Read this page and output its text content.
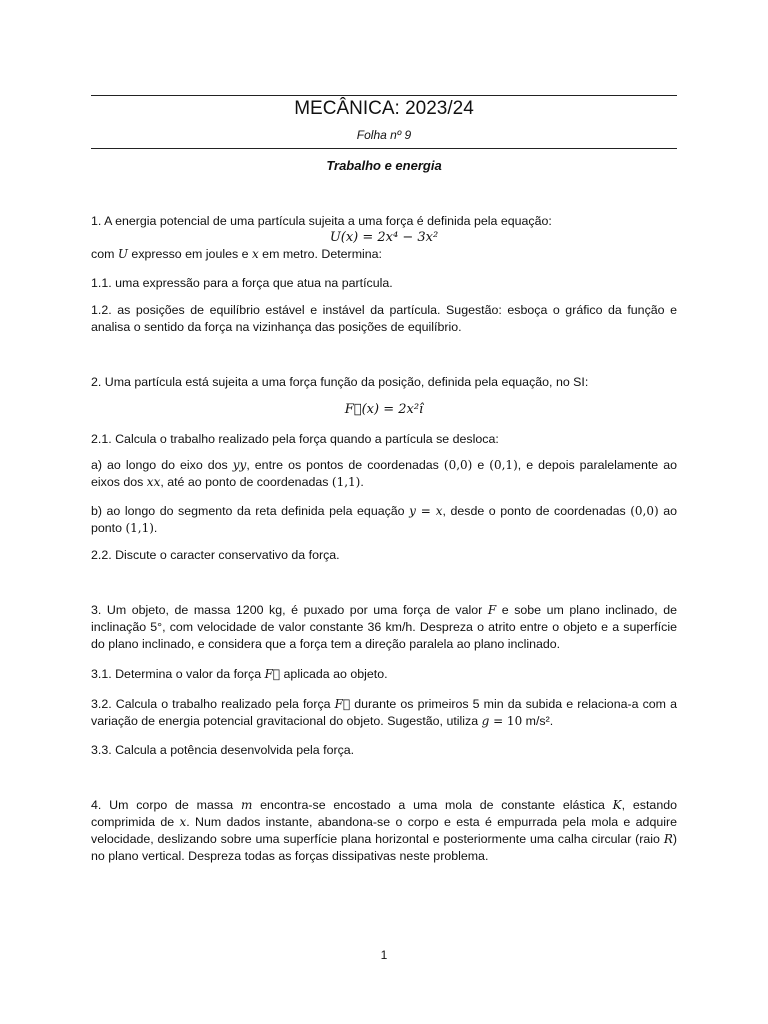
MECÂNICA: 2023/24
Folha nº 9
Trabalho e energia
1. A energia potencial de uma partícula sujeita a uma força é definida pela equação:
U(x) = 2x⁴ − 3x²
com U expresso em joules e x em metro. Determina:
1.1. uma expressão para a força que atua na partícula.
1.2. as posições de equilíbrio estável e instável da partícula. Sugestão: esboça o gráfico da função e analisa o sentido da força na vizinhança das posições de equilíbrio.
2. Uma partícula está sujeita a uma força função da posição, definida pela equação, no SI:
F⃗(x) = 2x²î
2.1. Calcula o trabalho realizado pela força quando a partícula se desloca:
a) ao longo do eixo dos yy, entre os pontos de coordenadas (0,0) e (0,1), e depois paralelamente ao eixos dos xx, até ao ponto de coordenadas (1,1).
b) ao longo do segmento da reta definida pela equação y = x, desde o ponto de coordenadas (0,0) ao ponto (1,1).
2.2. Discute o caracter conservativo da força.
3. Um objeto, de massa 1200 kg, é puxado por uma força de valor F e sobe um plano inclinado, de inclinação 5°, com velocidade de valor constante 36 km/h. Despreza o atrito entre o objeto e a superfície do plano inclinado, e considera que a força tem a direção paralela ao plano inclinado.
3.1. Determina o valor da força F⃗ aplicada ao objeto.
3.2. Calcula o trabalho realizado pela força F⃗ durante os primeiros 5 min da subida e relaciona-a com a variação de energia potencial gravitacional do objeto. Sugestão, utiliza g = 10 m/s².
3.3. Calcula a potência desenvolvida pela força.
4. Um corpo de massa m encontra-se encostado a uma mola de constante elástica K, estando comprimida de x. Num dados instante, abandona-se o corpo e esta é empurrada pela mola e adquire velocidade, deslizando sobre uma superfície plana horizontal e posteriormente uma calha circular (raio R) no plano vertical. Despreza todas as forças dissipativas neste problema.
1
